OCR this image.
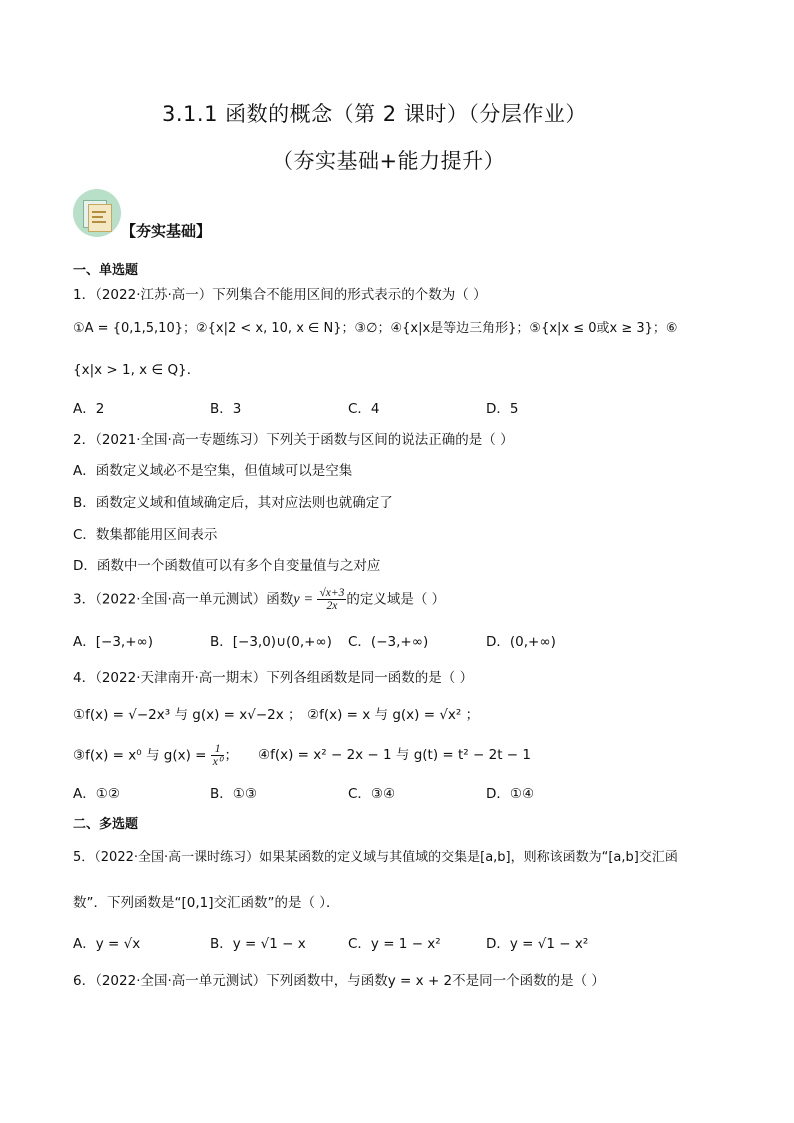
3.1.1 函数的概念（第 2 课时）（分层作业）
（夯实基础+能力提升）
【夯实基础】
一、单选题
1．（2022·江苏·高一）下列集合不能用区间的形式表示的个数为（ ）
①A = {0,1,5,10}；②{x|2 < x, 10, x ∈ N}；③∅；④{x|x是等边三角形}；⑤{x|x ≤ 0或x ≥ 3}；⑥
{x|x > 1, x ∈ Q}．
A．2	B．3	C．4	D．5
2．（2021·全国·高一专题练习）下列关于函数与区间的说法正确的是（ ）
A．函数定义域必不是空集，但值域可以是空集
B．函数定义域和值域确定后，其对应法则也就确定了
C．数集都能用区间表示
D．函数中一个函数值可以有多个自变量值与之对应
3．（2022·全国·高一单元测试）函数$y = \frac{√x+3}{2x}$ 的定义域是（ ）
A．[−3,+∞)	B．[−3,0)∪(0,+∞) C．(−3,+∞)	D．(0,+∞)
4．（2022·天津南开·高一期末）下列各组函数是同一函数的是（ ）
①f(x) = √−2x³ 与 g(x) = x√−2x ； ②f(x) = x 与 g(x) = √x² ；
③f(x) = x⁰ 与 $g(x) = \frac{1}{\text{x⁰}}$ ； ④f(x) = x² − 2x − 1 与 g(t) = t² − 2t − 1
A．①②	B．①③	C．③④	D．①④
二、多选题
5．（2022·全国·高一课时练习）如果某函数的定义域与其值域的交集是[a,b]，则称该函数为“[a,b]交汇函
数”．下列函数是“[0,1]交汇函数”的是（ ）．
A．y = √x	B．y = √1 − x	C．y = 1 − x²	D．y = √1 − x²
6．（2022·全国·高一单元测试）下列函数中，与函数y = x + 2不是同一个函数的是（ ）
